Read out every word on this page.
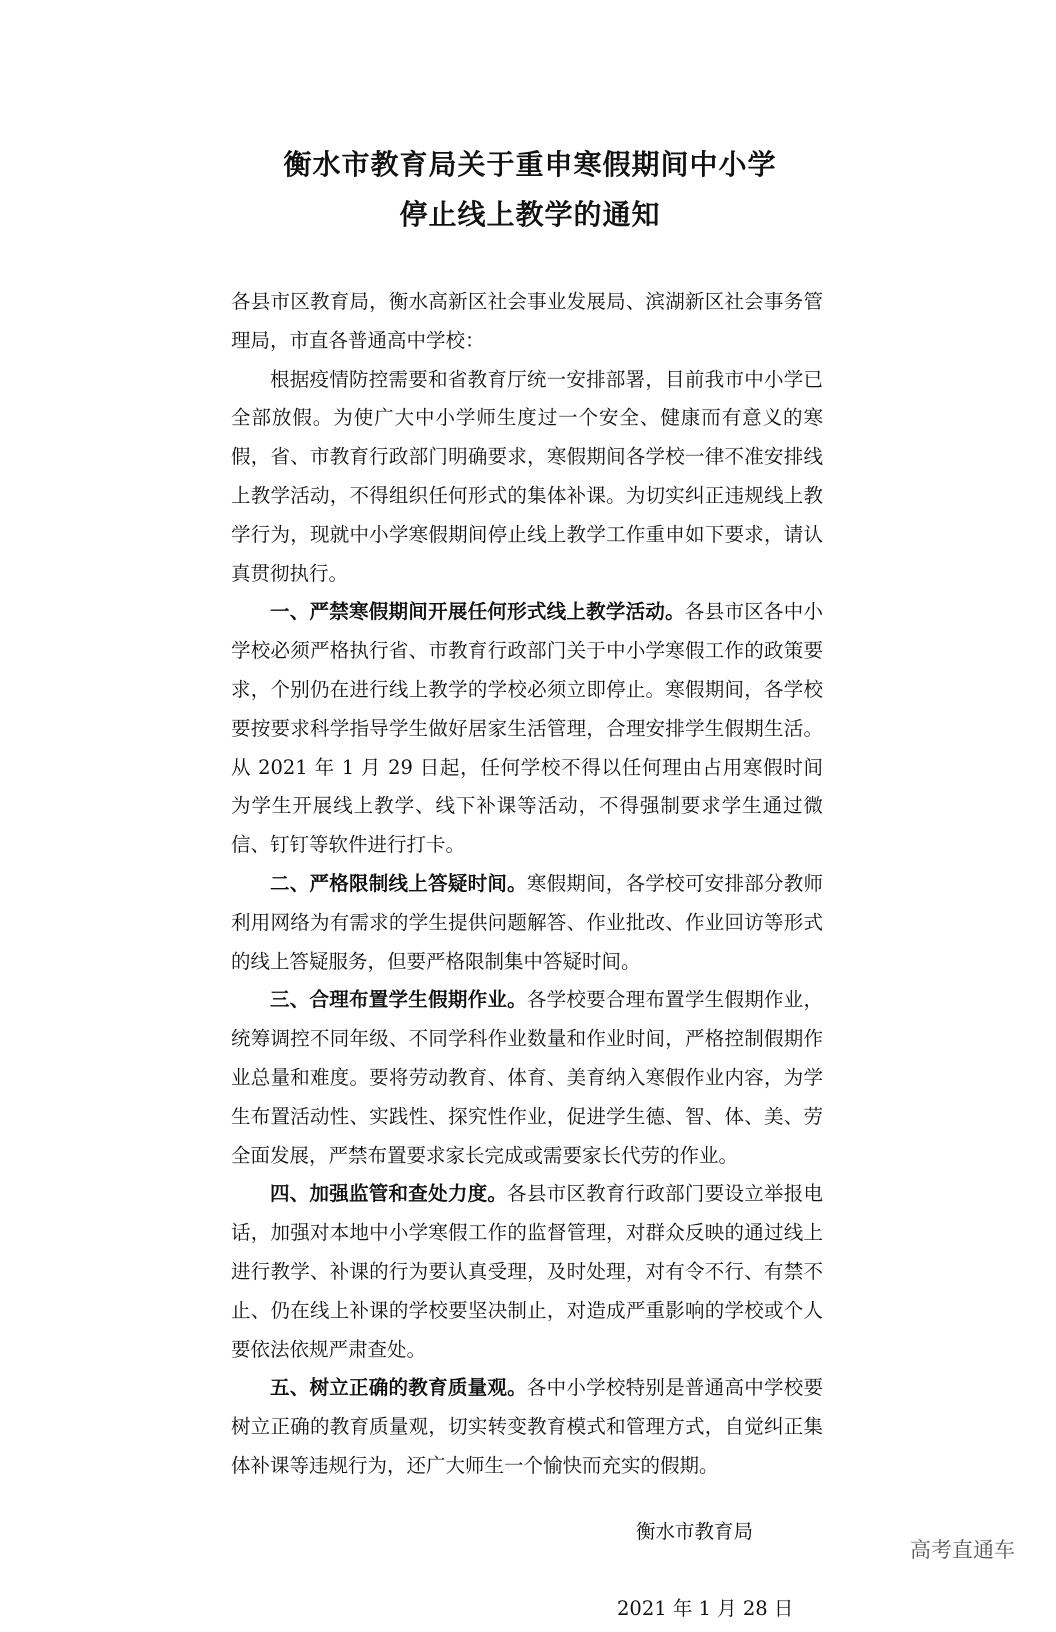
衡水市教育局关于重申寒假期间中小学
停止线上教学的通知

各县市区教育局，衡水高新区社会事业发展局、滨湖新区社会事务管理局，市直各普通高中学校：

根据疫情防控需要和省教育厅统一安排部署，目前我市中小学已全部放假。为使广大中小学师生度过一个安全、健康而有意义的寒假，省、市教育行政部门明确要求，寒假期间各学校一律不准安排线上教学活动，不得组织任何形式的集体补课。为切实纠正违规线上教学行为，现就中小学寒假期间停止线上教学工作重申如下要求，请认真贯彻执行。

一、严禁寒假期间开展任何形式线上教学活动。各县市区各中小学校必须严格执行省、市教育行政部门关于中小学寒假工作的政策要求，个别仍在进行线上教学的学校必须立即停止。寒假期间，各学校要按要求科学指导学生做好居家生活管理，合理安排学生假期生活。从 2021 年 1 月 29 日起，任何学校不得以任何理由占用寒假时间为学生开展线上教学、线下补课等活动，不得强制要求学生通过微信、钉钉等软件进行打卡。

二、严格限制线上答疑时间。寒假期间，各学校可安排部分教师利用网络为有需求的学生提供问题解答、作业批改、作业回访等形式的线上答疑服务，但要严格限制集中答疑时间。

三、合理布置学生假期作业。各学校要合理布置学生假期作业，统筹调控不同年级、不同学科作业数量和作业时间，严格控制假期作业总量和难度。要将劳动教育、体育、美育纳入寒假作业内容，为学生布置活动性、实践性、探究性作业，促进学生德、智、体、美、劳全面发展，严禁布置要求家长完成或需要家长代劳的作业。

四、加强监管和查处力度。各县市区教育行政部门要设立举报电话，加强对本地中小学寒假工作的监督管理，对群众反映的通过线上进行教学、补课的行为要认真受理，及时处理，对有令不行、有禁不止、仍在线上补课的学校要坚决制止，对造成严重影响的学校或个人要依法依规严肃查处。

五、树立正确的教育质量观。各中小学校特别是普通高中学校要树立正确的教育质量观，切实转变教育模式和管理方式，自觉纠正集体补课等违规行为，还广大师生一个愉快而充实的假期。

衡水市教育局
2021 年 1 月 28 日
高考直通车
